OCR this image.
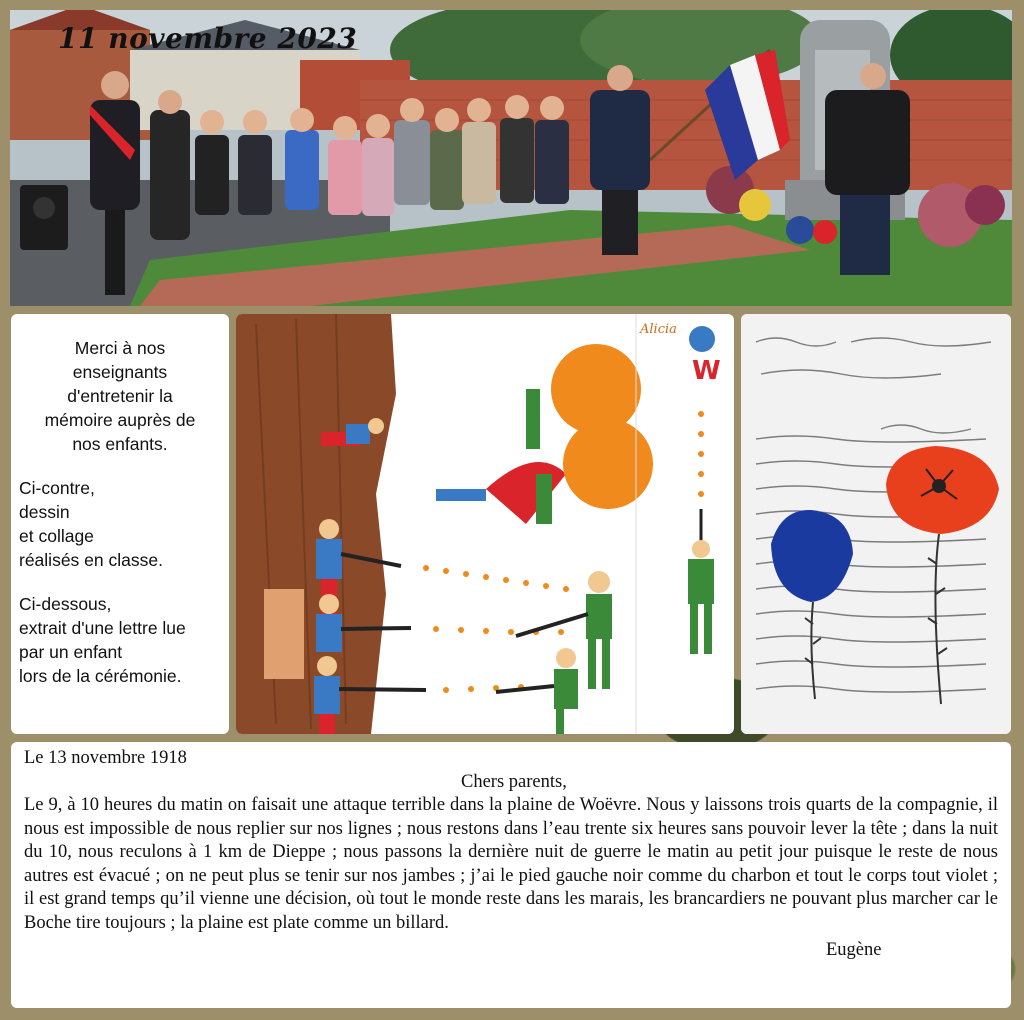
11 novembre 2023

Merci à nos
enseignants
d'entretenir la
mémoire auprès de
nos enfants.

Ci-contre,
dessin
et collage
réalisés en classe.

Ci-dessous,
extrait d'une lettre lue
par un enfant
lors de la cérémonie.

W
Alicia

Le 13 novembre 1918

Chers parents,

Le 9, à 10 heures du matin on faisait une attaque terrible dans la plaine de Woëvre. Nous y laissons trois quarts de la compagnie, il nous est impossible de nous replier sur nos lignes ; nous restons dans l’eau trente six heures sans pouvoir lever la tête ; dans la nuit du 10, nous reculons à 1 km de Dieppe ; nous passons la dernière nuit de guerre le matin au petit jour puisque le reste de nous autres est évacué ; on ne peut plus se tenir sur nos jambes ; j’ai le pied gauche noir comme du charbon et tout le corps tout violet ; il est grand temps qu’il vienne une décision, où tout le monde reste dans les marais, les brancardiers ne pouvant plus marcher car le Boche tire toujours ; la plaine est plate comme un billard.

Eugène
